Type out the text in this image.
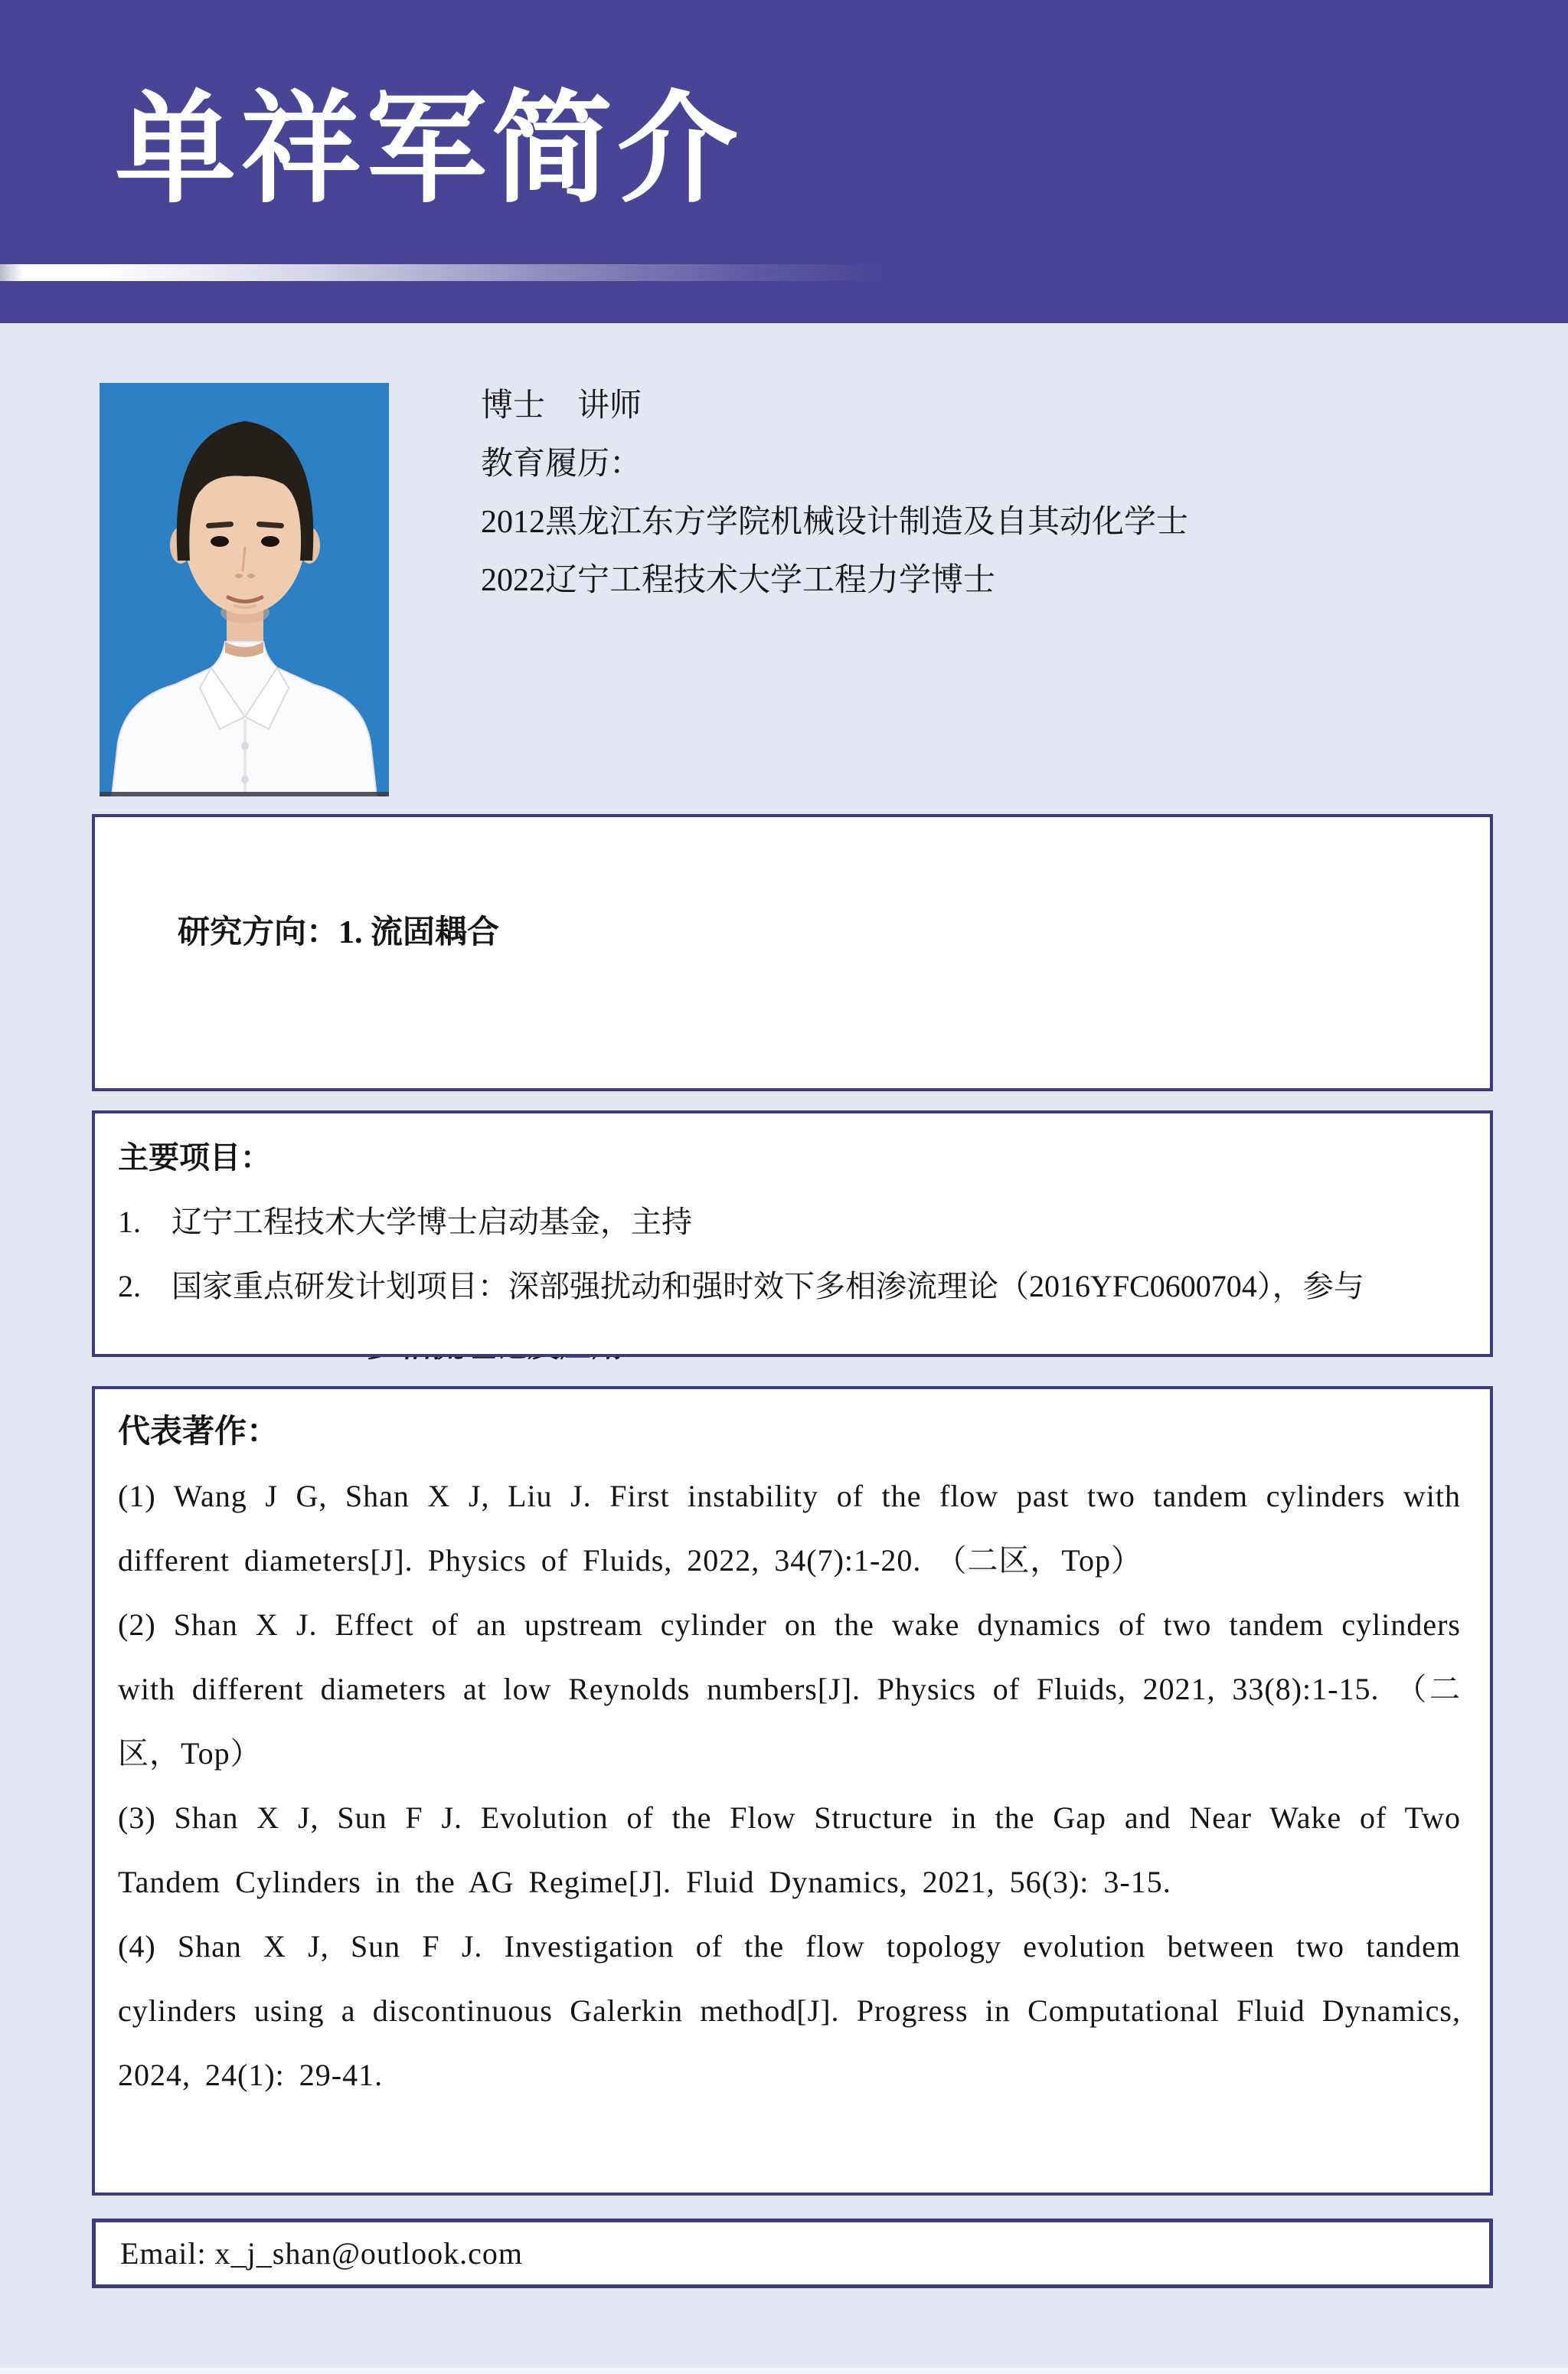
单祥军简介
博士　讲师
教育履历：
2012黑龙江东方学院机械设计制造及自其动化学士
2022辽宁工程技术大学工程力学博士

研究方向：1. 流固耦合

主要项目：
1.　辽宁工程技术大学博士启动基金，主持
2.　国家重点研发计划项目：深部强扰动和强时效下多相渗流理论（2016YFC0600704），参与
代表著作：

(1) Wang J G, Shan X J, Liu J. First instability of the flow past two tandem cylinders with different diameters[J]. Physics of Fluids, 2022, 34(7):1-20. （二区，Top）

(2) Shan X J. Effect of an upstream cylinder on the wake dynamics of two tandem cylinders with different diameters at low Reynolds numbers[J]. Physics of Fluids, 2021, 33(8):1-15. （二区，Top）

(3) Shan X J, Sun F J. Evolution of the Flow Structure in the Gap and Near Wake of Two Tandem Cylinders in the AG Regime[J]. Fluid Dynamics, 2021, 56(3): 3-15.

(4) Shan X J, Sun F J. Investigation of the flow topology evolution between two tandem cylinders using a discontinuous Galerkin method[J]. Progress in Computational Fluid Dynamics, 2024, 24(1): 29-41.

Email: x_j_shan@outlook.com
